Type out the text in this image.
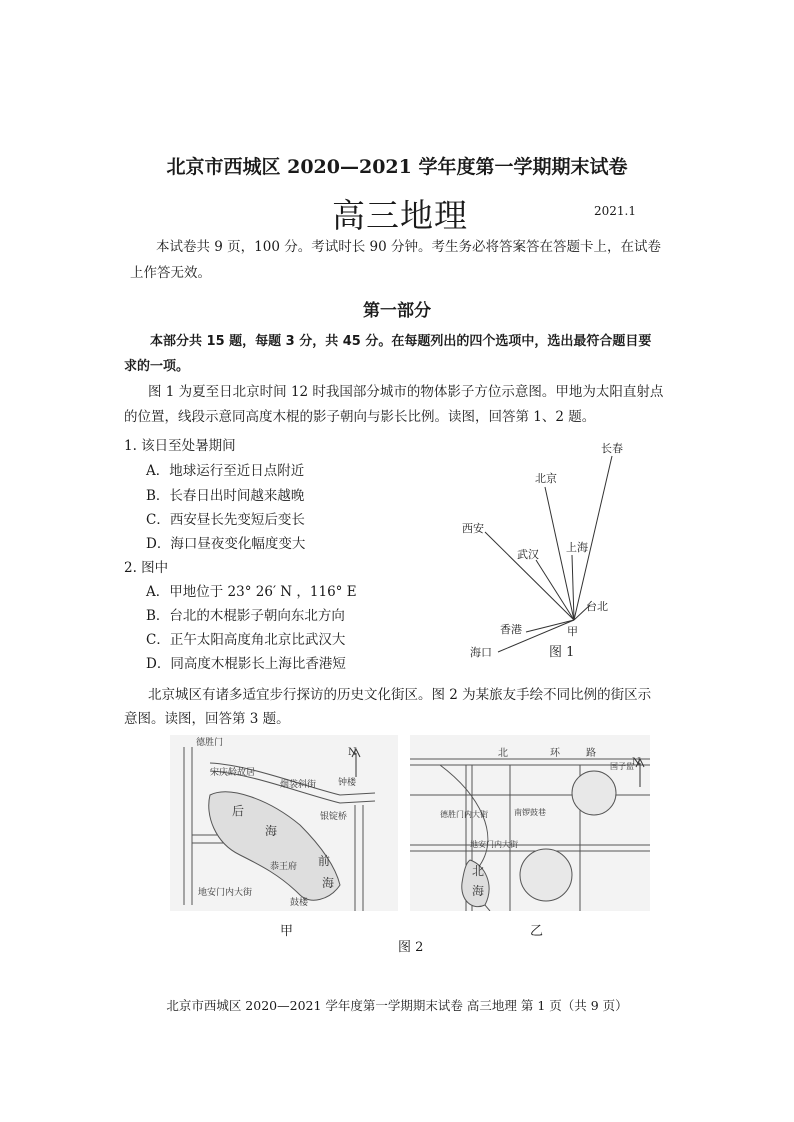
北京市西城区 2020—2021 学年度第一学期期末试卷
高三地理	2021.1
本试卷共 9 页，100 分。考试时长 90 分钟。考生务必将答案答在答题卡上，在试卷
上作答无效。
第一部分
本部分共 15 题，每题 3 分，共 45 分。在每题列出的四个选项中，选出最符合题目要
求的一项。
图 1 为夏至日北京时间 12 时我国部分城市的物体影子方位示意图。甲地为太阳直射点
的位置，线段示意同高度木棍的影子朝向与影长比例。读图，回答第 1、2 题。
1. 该日至处暑期间
A．地球运行至近日点附近
B．长春日出时间越来越晚
C．西安昼长先变短后变长
D．海口昼夜变化幅度变大
2. 图中
A．甲地位于 23° 26′ N ，116° E
B．台北的木棍影子朝向东北方向
C．正午太阳高度角北京比武汉大
D．同高度木棍影长上海比香港短
长春
北京
西安
武汉
上海
台北
香港
海口
甲
图 1
北京城区有诸多适宜步行探访的历史文化街区。图 2 为某旅友手绘不同比例的街区示
意图。读图，回答第 3 题。
德胜门
后
海
前
海
地安门内大街
银锭桥
烟袋斜街
恭王府
宋庆龄故居
钟楼
鼓楼
N
甲
北	环	路
德胜门内大街	南锣鼓巷
地安门内大街
北
海
国子监
N
乙
图 2
北京市西城区 2020—2021 学年度第一学期期末试卷 高三地理 第 1 页（共 9 页）
